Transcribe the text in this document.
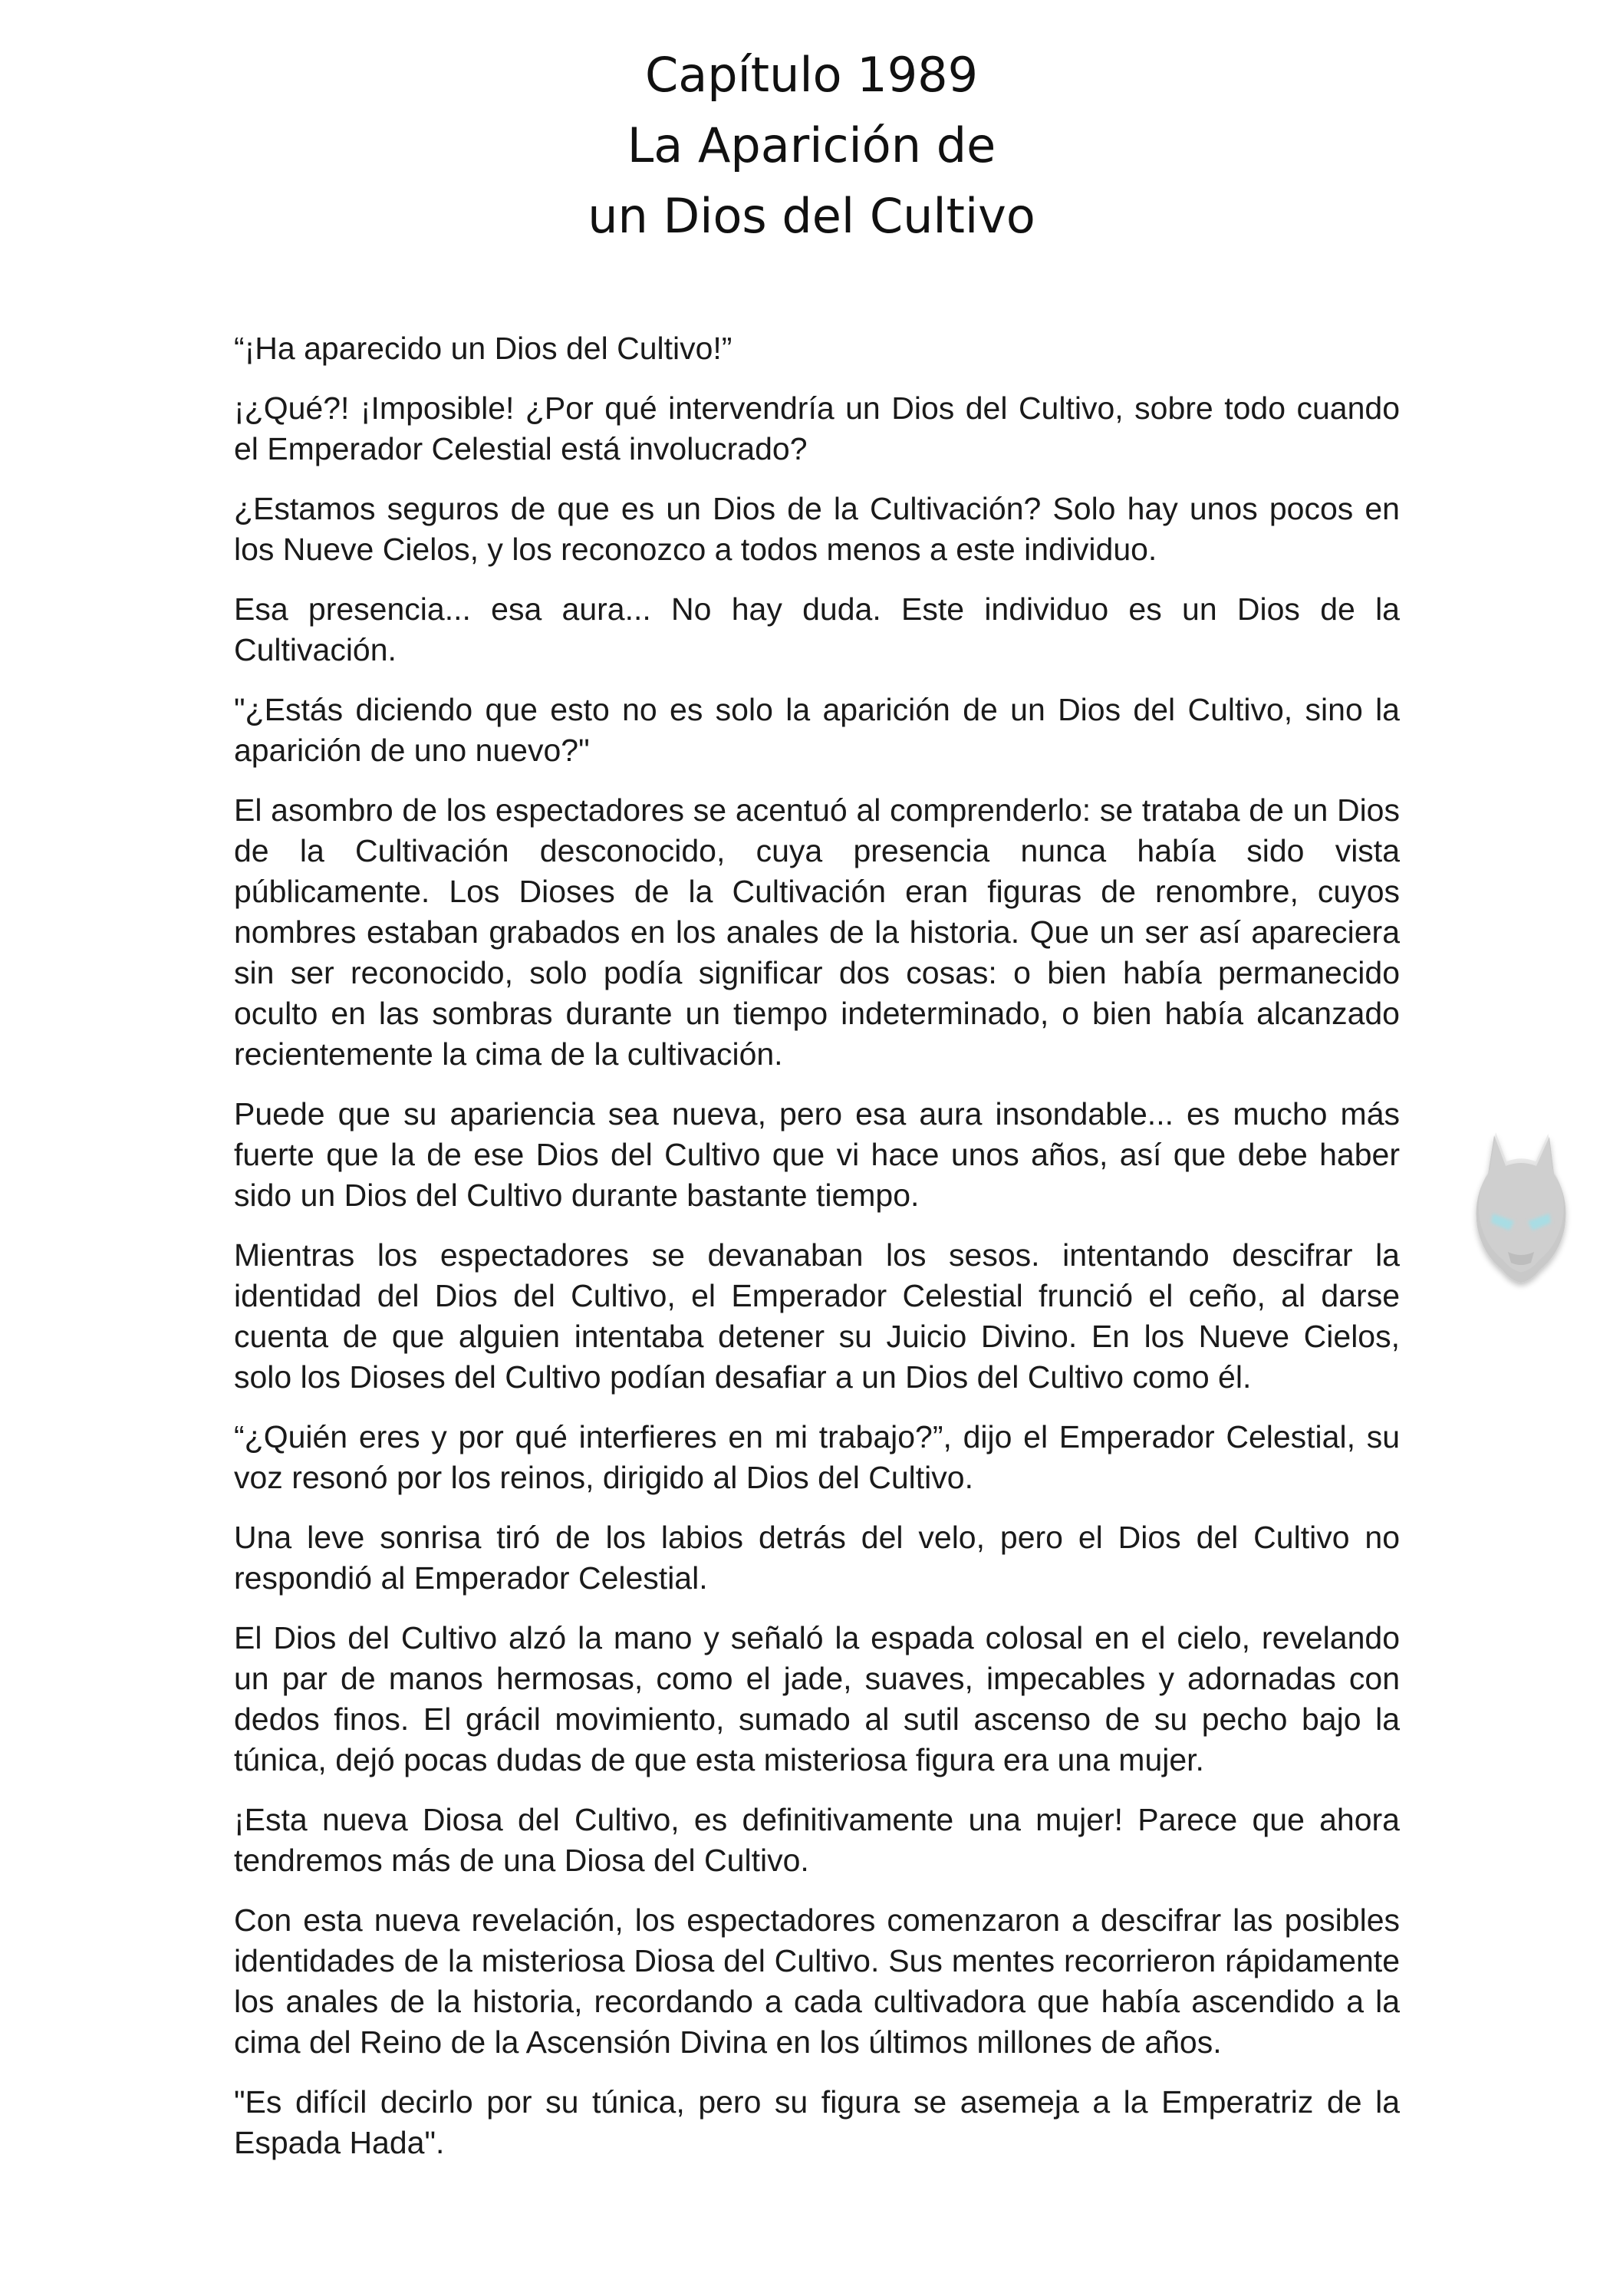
Capítulo 1989
La Aparición de
un Dios del Cultivo

“¡Ha aparecido un Dios del Cultivo!”

¡¿Qué?! ¡Imposible! ¿Por qué intervendría un Dios del Cultivo, sobre todo cuando el Emperador Celestial está involucrado?

¿Estamos seguros de que es un Dios de la Cultivación? Solo hay unos pocos en los Nueve Cielos, y los reconozco a todos menos a este individuo.

Esa presencia... esa aura... No hay duda. Este individuo es un Dios de la Cultivación.

"¿Estás diciendo que esto no es solo la aparición de un Dios del Cultivo, sino la aparición de uno nuevo?"

El asombro de los espectadores se acentuó al comprenderlo: se trataba de un Dios de la Cultivación desconocido, cuya presencia nunca había sido vista públicamente. Los Dioses de la Cultivación eran figuras de renombre, cuyos nombres estaban grabados en los anales de la historia. Que un ser así apareciera sin ser reconocido, solo podía significar dos cosas: o bien había permanecido oculto en las sombras durante un tiempo indeterminado, o bien había alcanzado recientemente la cima de la cultivación.

Puede que su apariencia sea nueva, pero esa aura insondable... es mucho más fuerte que la de ese Dios del Cultivo que vi hace unos años, así que debe haber sido un Dios del Cultivo durante bastante tiempo.

Mientras los espectadores se devanaban los sesos. intentando descifrar la identidad del Dios del Cultivo, el Emperador Celestial frunció el ceño, al darse cuenta de que alguien intentaba detener su Juicio Divino. En los Nueve Cielos, solo los Dioses del Cultivo podían desafiar a un Dios del Cultivo como él.

“¿Quién eres y por qué interfieres en mi trabajo?”, dijo el Emperador Celestial, su voz resonó por los reinos, dirigido al Dios del Cultivo.

Una leve sonrisa tiró de los labios detrás del velo, pero el Dios del Cultivo no respondió al Emperador Celestial.

El Dios del Cultivo alzó la mano y señaló la espada colosal en el cielo, revelando un par de manos hermosas, como el jade, suaves, impecables y adornadas con dedos finos. El grácil movimiento, sumado al sutil ascenso de su pecho bajo la túnica, dejó pocas dudas de que esta misteriosa figura era una mujer.

¡Esta nueva Diosa del Cultivo, es definitivamente una mujer! Parece que ahora tendremos más de una Diosa del Cultivo.

Con esta nueva revelación, los espectadores comenzaron a descifrar las posibles identidades de la misteriosa Diosa del Cultivo. Sus mentes recorrieron rápidamente los anales de la historia, recordando a cada cultivadora que había ascendido a la cima del Reino de la Ascensión Divina en los últimos millones de años.

"Es difícil decirlo por su túnica, pero su figura se asemeja a la Emperatriz de la Espada Hada".
